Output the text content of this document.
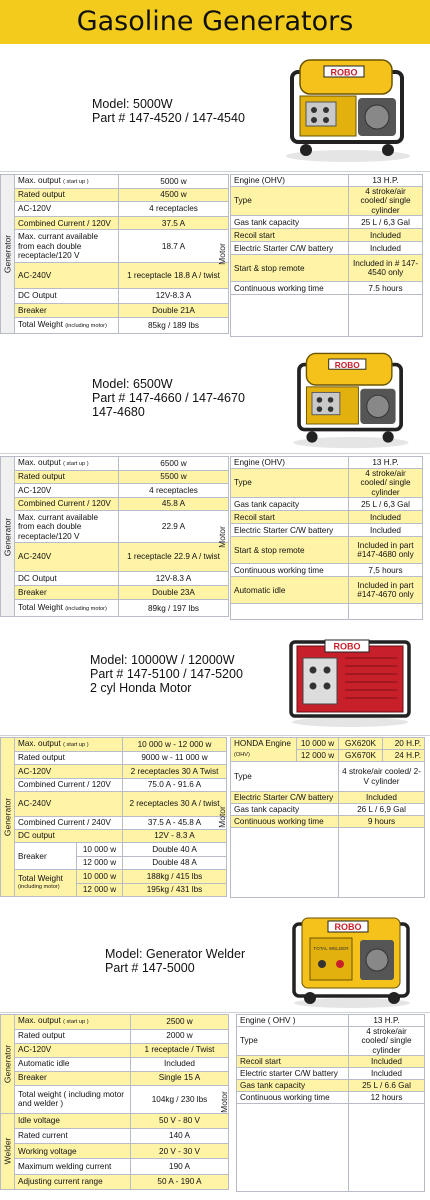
Gasoline Generators
Model: 5000W
Part # 147-4520 / 147-4540
ROBO
Generator	Max. output ( start up )	5000 w
	Rated output	4500 w
	AC-120V	4 receptacles
	Combined Current / 120V	37.5 A
	Max. currant available from each double receptacle/120 V	18.7 A
	AC-240V	1 receptacle 18.8 A / twist
	DC Output	12V-8.3 A
	Breaker	Double 21A
	Total Weight (including motor)	85kg / 189 lbs
Engine (OHV)	13 H.P.
Type	4 stroke/air cooled/ single cylinder
Gas tank capacity	25 L / 6,3 Gal
Recoil start	Included
Electric Starter C/W battery	Included
Start & stop remote	Included in # 147-4540 only
Continuous working time	7.5 hours

Motor
Model: 6500W
Part # 147-4660 / 147-4670
147-4680
ROBO
Generator	Max. output ( start up )	6500 w
	Rated output	5500 w
	AC-120V	4 receptacles
	Combined Current / 120V	45.8 A
	Max. currant available from each double receptacle/120 V	22.9 A
	AC-240V	1 receptacle 22.9 A / twist
	DC Output	12V-8.3 A
	Breaker	Double 23A
	Total Weight (including motor)	89kg / 197 lbs
Engine (OHV)	13 H.P.
Type	4 stroke/air cooled/ single cylinder
Gas tank capacity	25 L / 6,3 Gal
Recoil start	Included
Electric Starter C/W battery	Included
Start & stop remote	Included in part #147-4680 only
Continuous working time	7,5 hours
Automatic idle	Included in part #147-4670 only

Motor
Model: 10000W / 12000W
Part # 147-5100 / 147-5200
2 cyl Honda Motor
ROBO
Generator	Max. output ( start up )		10 000 w - 12 000 w
	Rated output		9000 w - 11 000 w
	AC-120V		2 receptacles 30 A Twist
	Combined Current / 120V		75.0 A - 91.6 A
	AC-240V		2 receptacles 30 A / twist
	Combined Current / 240V		37.5 A - 45.8 A
	DC output		12V - 8.3 A
	Breaker	10 000 w	Double 40 A
		12 000 w	Double 48 A

	Total Weight
(including motor)	10 000 w	188kg / 415 lbs
		12 000 w	195kg / 431 lbs
Motor
HONDA Engine (OHV)	10 000 w	GX620K	20 H.P.
	12 000 w	GX670K	24 H.P.
Type		4 stroke/air cooled/ 2-V cylinder	
Electric Starter C/W battery		Included	
Gas tank capacity		26 L / 6,9 Gal	
Continuous working time		9 hours	

Model: Generator Welder
Part # 147-5000
ROBO
TOTAL WELDER
Generator	Max. output ( start up )	2500 w
	Rated output	2000 w
	AC-120V	1 receptacle / Twist
	Automatic idle	Included
	Breaker	Single 15 A
	Total weight ( including motor and welder )	104kg / 230 lbs

Welder	Idle voltage	50 V - 80 V
	Rated current	140 A
	Working voltage	20 V - 30 V
	Maximum welding current	190 A
	Adjusting current range	50 A - 190 A
Motor
Engine ( OHV )	13 H.P.
Type	4 stroke/air cooled/ single cylinder
Recoil start	Included
Electric starter C/W battery	Included
Gas tank capacity	25 L / 6.6 Gal
Continuous working time	12 hours
